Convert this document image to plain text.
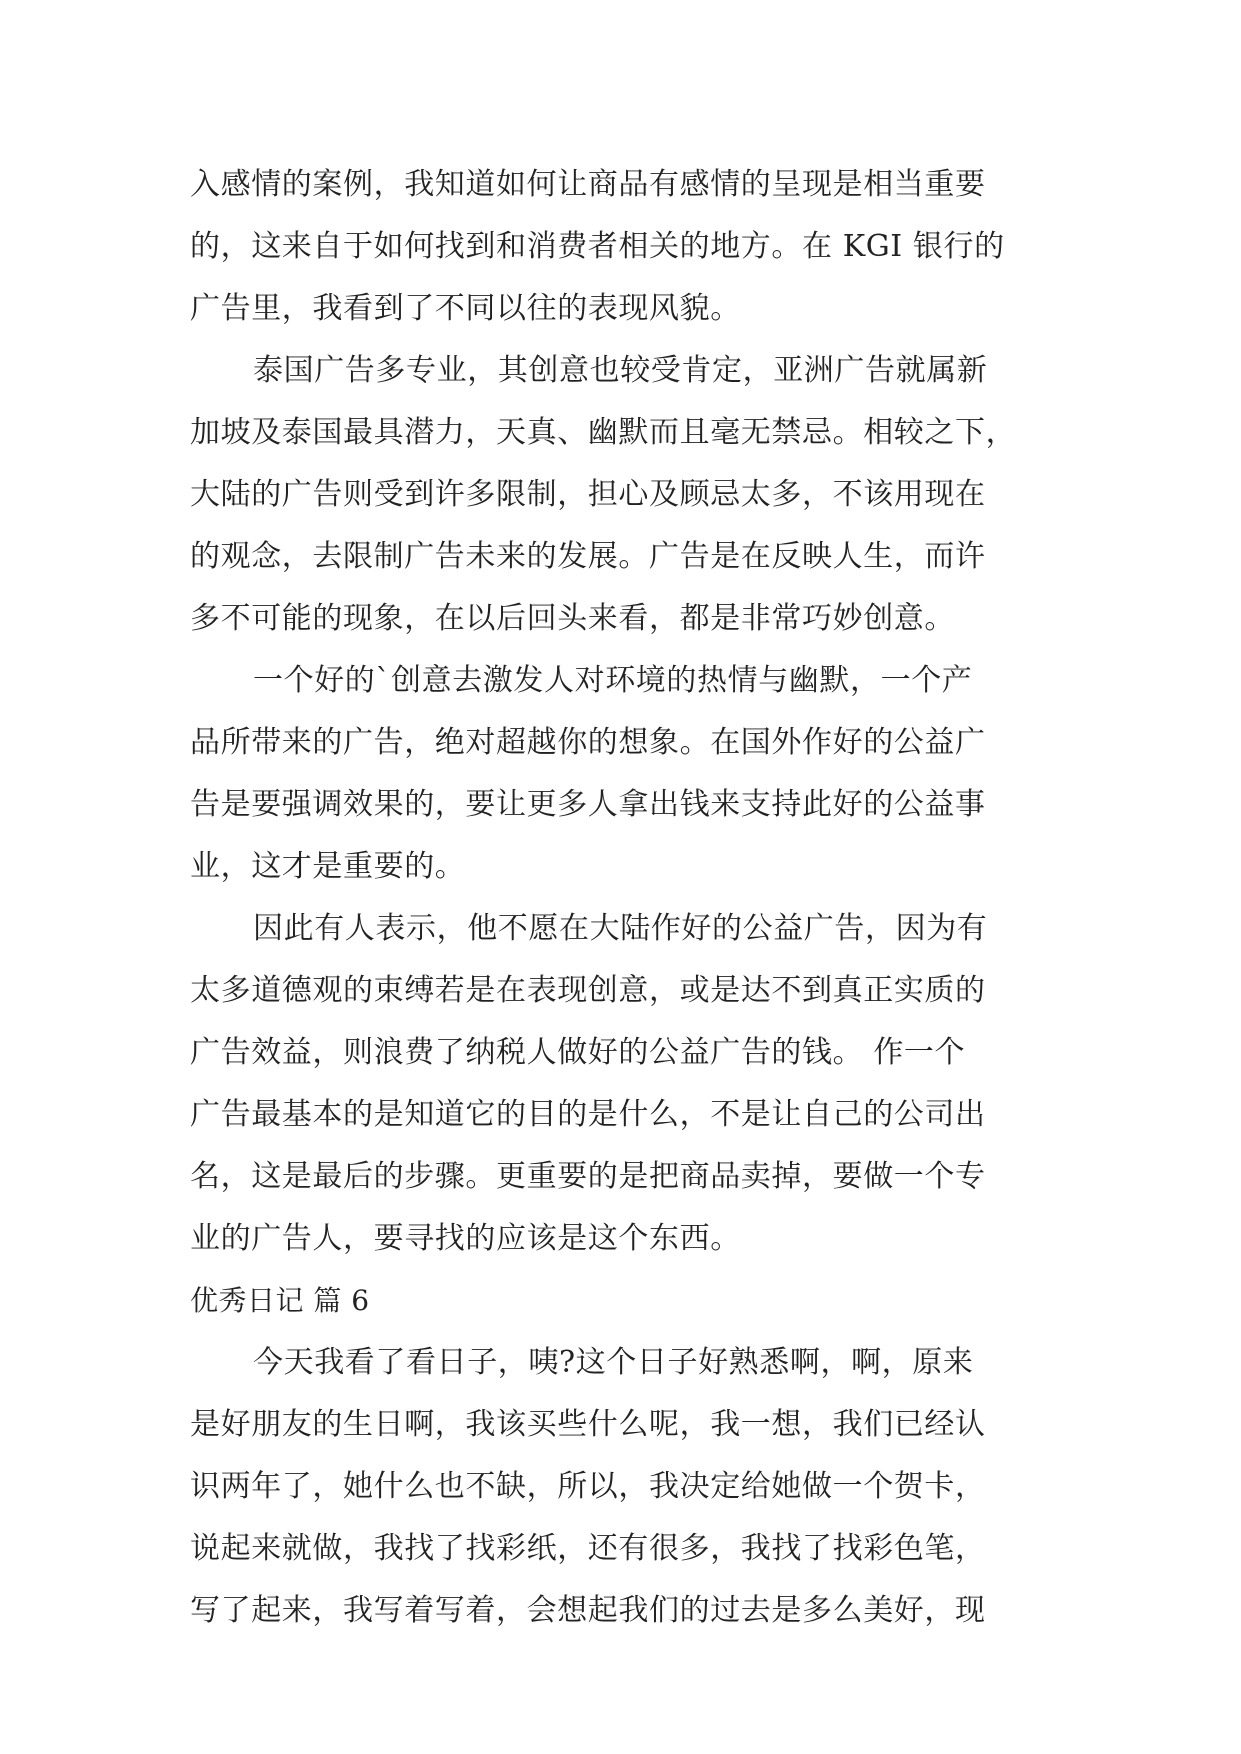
入感情的案例，我知道如何让商品有感情的呈现是相当重要
的，这来自于如何找到和消费者相关的地方。在 KGI 银行的
广告里，我看到了不同以往的表现风貌。
泰国广告多专业，其创意也较受肯定，亚洲广告就属新
加坡及泰国最具潜力，天真、幽默而且毫无禁忌。相较之下，
大陆的广告则受到许多限制，担心及顾忌太多，不该用现在
的观念，去限制广告未来的发展。广告是在反映人生，而许
多不可能的现象，在以后回头来看，都是非常巧妙创意。
一个好的`创意去激发人对环境的热情与幽默，一个产
品所带来的广告，绝对超越你的想象。在国外作好的公益广
告是要强调效果的，要让更多人拿出钱来支持此好的公益事
业，这才是重要的。
因此有人表示，他不愿在大陆作好的公益广告，因为有
太多道德观的束缚若是在表现创意，或是达不到真正实质的
广告效益，则浪费了纳税人做好的公益广告的钱。 作一个
广告最基本的是知道它的目的是什么，不是让自己的公司出
名，这是最后的步骤。更重要的是把商品卖掉，要做一个专
业的广告人，要寻找的应该是这个东西。
优秀日记 篇 6
今天我看了看日子，咦?这个日子好熟悉啊，啊，原来
是好朋友的生日啊，我该买些什么呢，我一想，我们已经认
识两年了，她什么也不缺，所以，我决定给她做一个贺卡，
说起来就做，我找了找彩纸，还有很多，我找了找彩色笔，
写了起来，我写着写着，会想起我们的过去是多么美好，现
